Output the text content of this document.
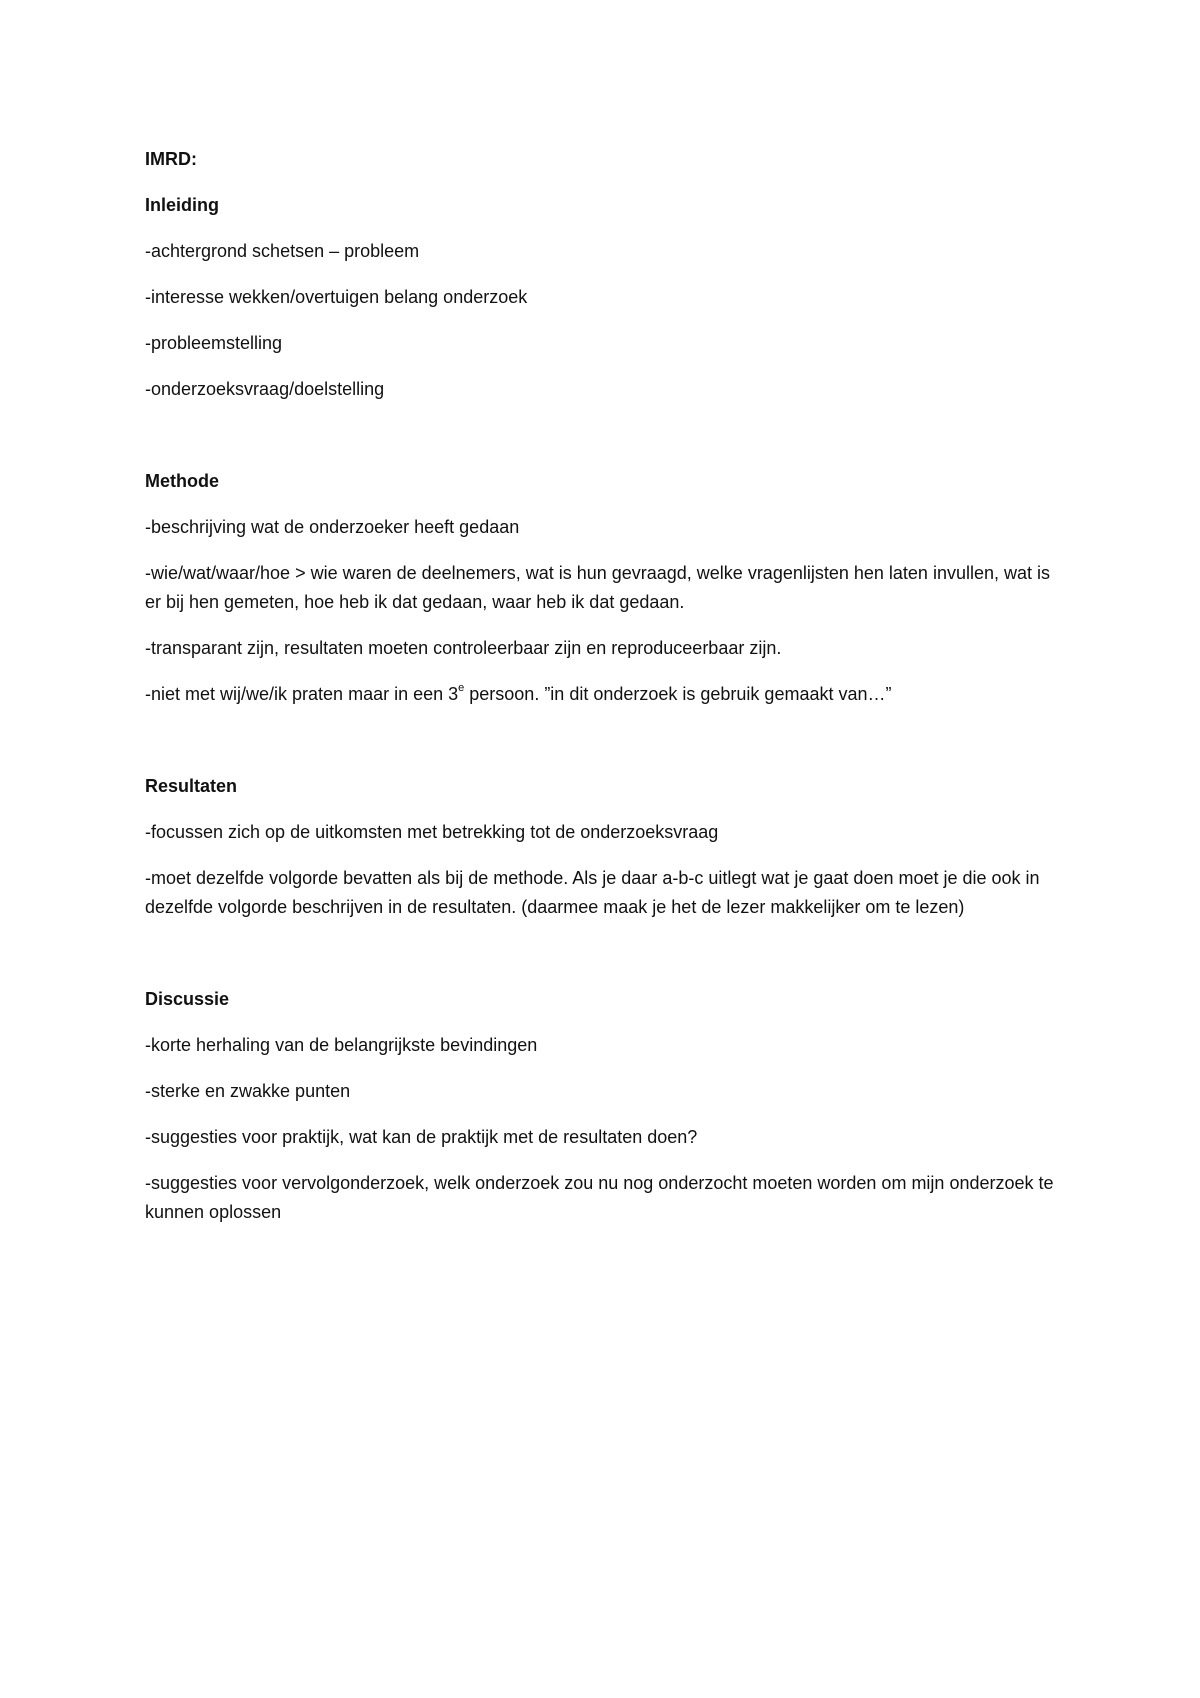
IMRD:
Inleiding
-achtergrond schetsen – probleem
-interesse wekken/overtuigen belang onderzoek
-probleemstelling
-onderzoeksvraag/doelstelling
Methode
-beschrijving wat de onderzoeker heeft gedaan
-wie/wat/waar/hoe > wie waren de deelnemers, wat is hun gevraagd, welke vragenlijsten hen laten invullen, wat is er bij hen gemeten, hoe heb ik dat gedaan, waar heb ik dat gedaan.
-transparant zijn, resultaten moeten controleerbaar zijn en reproduceerbaar zijn.
-niet met wij/we/ik praten maar in een 3e persoon. ”in dit onderzoek is gebruik gemaakt van…”
Resultaten
-focussen zich op de uitkomsten met betrekking tot de onderzoeksvraag
-moet dezelfde volgorde bevatten als bij de methode. Als je daar a-b-c uitlegt wat je gaat doen moet je die ook in dezelfde volgorde beschrijven in de resultaten. (daarmee maak je het de lezer makkelijker om te lezen)
Discussie
-korte herhaling van de belangrijkste bevindingen
-sterke en zwakke punten
-suggesties voor praktijk, wat kan de praktijk met de resultaten doen?
-suggesties voor vervolgonderzoek, welk onderzoek zou nu nog onderzocht moeten worden om mijn onderzoek te kunnen oplossen
